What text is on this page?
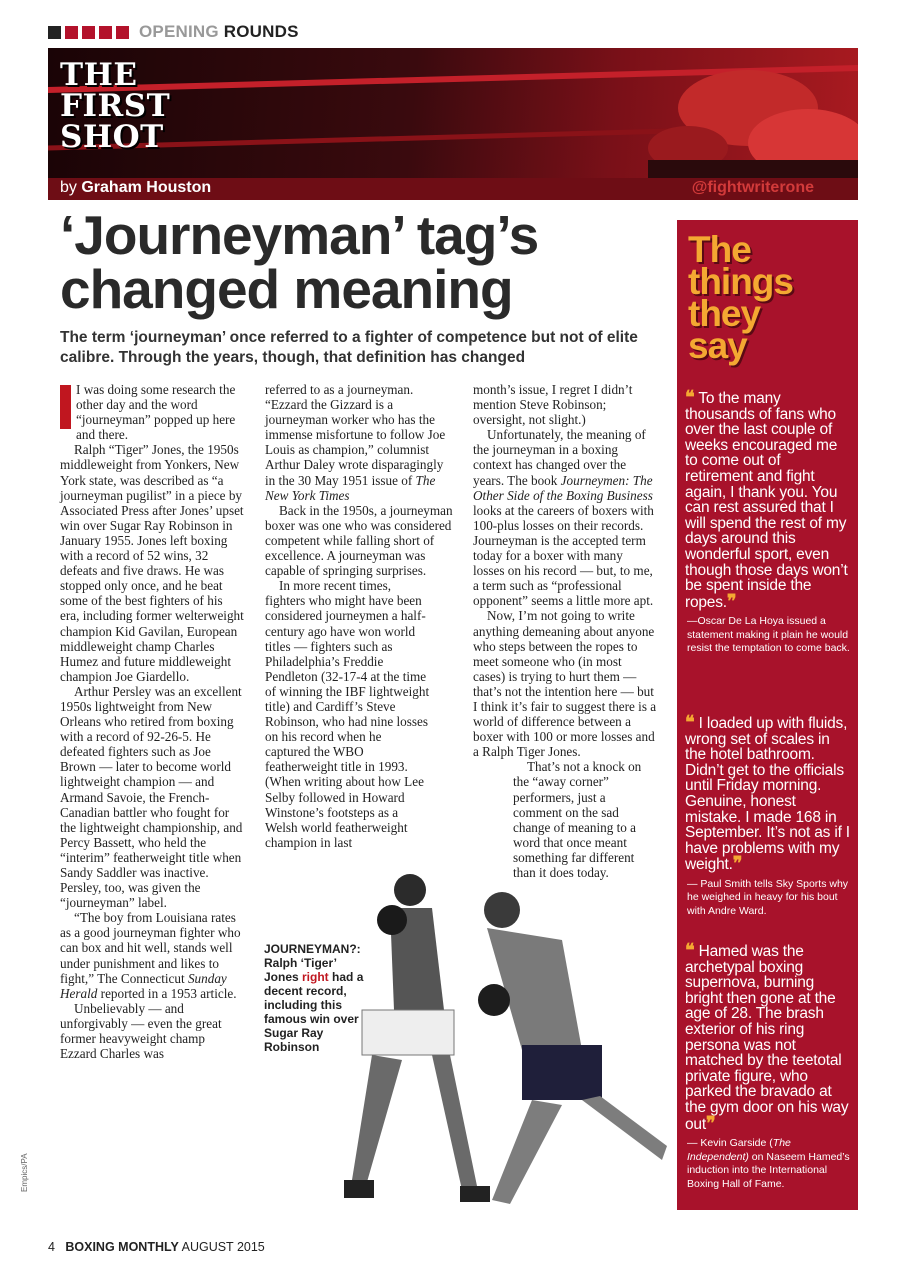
OPENING ROUNDS
THE
FIRST
SHOT
by Graham Houston	@fightwriterone
‘Journeyman’ tag’s changed meaning

The term ‘journeyman’ once referred to a fighter of competence but not of elite calibre. Through the years, though, that definition has changed

I was doing some research the other day and the word “journeyman” popped up here and there.

Ralph “Tiger” Jones, the 1950s middleweight from Yonkers, New York state, was described as “a journeyman pugilist” in a piece by Associated Press after Jones’ upset win over Sugar Ray Robinson in January 1955. Jones left boxing with a record of 52 wins, 32 defeats and five draws. He was stopped only once, and he beat some of the best fighters of his era, including former welterweight champion Kid Gavilan, European middleweight champ Charles Humez and future middleweight champion Joe Giardello.

Arthur Persley was an excellent 1950s lightweight from New Orleans who retired from boxing with a record of 92-26-5. He defeated fighters such as Joe Brown — later to become world lightweight champion — and Armand Savoie, the French-Canadian battler who fought for the lightweight championship, and Percy Bassett, who held the “interim” featherweight title when Sandy Saddler was inactive. Persley, too, was given the “journeyman” label.

“The boy from Louisiana rates as a good journeyman fighter who can box and hit well, stands well under punishment and likes to fight,” The Connecticut Sunday Herald reported in a 1953 article.

Unbelievably — and unforgivably — even the great former heavyweight champ Ezzard Charles was

referred to as a journeyman. “Ezzard the Gizzard is a journeyman worker who has the immense misfortune to follow Joe Louis as champion,” columnist Arthur Daley wrote disparagingly in the 30 May 1951 issue of The New York Times

Back in the 1950s, a journeyman boxer was one who was considered competent while falling short of excellence. A journeyman was capable of springing surprises.

In more recent times, fighters who might have been considered journeymen a half-century ago have won world titles — fighters such as Philadelphia’s Freddie Pendleton (32-17-4 at the time of winning the IBF lightweight title) and Cardiff’s Steve Robinson, who had nine losses on his record when he captured the WBO featherweight title in 1993. (When writing about how Lee Selby followed in Howard Winstone’s footsteps as a Welsh world featherweight champion in last

month’s issue, I regret I didn’t mention Steve Robinson; oversight, not slight.)

Unfortunately, the meaning of the journeyman in a boxing context has changed over the years. The book Journeymen: The Other Side of the Boxing Business looks at the careers of boxers with 100-plus losses on their records. Journeyman is the accepted term today for a boxer with many losses on his record — but, to me, a term such as “professional opponent” seems a little more apt.

Now, I’m not going to write anything demeaning about anyone who steps between the ropes to meet someone who (in most cases) is trying to hurt them — that’s not the intention here — but I think it’s fair to suggest there is a world of difference between a boxer with 100 or more losses and a Ralph Tiger Jones.

That’s not a knock on the “away corner” performers, just a comment on the sad change of meaning to a word that once meant something far different than it does today.

JOURNEYMAN?: Ralph ‘Tiger’ Jones right had a decent record, including this famous win over Sugar Ray Robinson
Empics/PA
The
things
they
say
❝ To the many thousands of fans who over the last couple of weeks encouraged me to come out of retirement and fight again, I thank you. You can rest assured that I will spend the rest of my days around this wonderful sport, even though those days won’t be spent inside the ropes.❞
—Oscar De La Hoya issued a statement making it plain he would resist the temptation to come back.
❝ I loaded up with fluids, wrong set of scales in the hotel bathroom. Didn’t get to the officials until Friday morning. Genuine, honest mistake. I made 168 in September. It’s not as if I have problems with my weight.❞
— Paul Smith tells Sky Sports why he weighed in heavy for his bout with Andre Ward.
❝ Hamed was the archetypal boxing supernova, burning bright then gone at the age of 28. The brash exterior of his ring persona was not matched by the teetotal private figure, who parked the bravado at the gym door on his way out❞
— Kevin Garside (The Independent) on Naseem Hamed’s induction into the International Boxing Hall of Fame.
4 BOXING MONTHLY AUGUST 2015
